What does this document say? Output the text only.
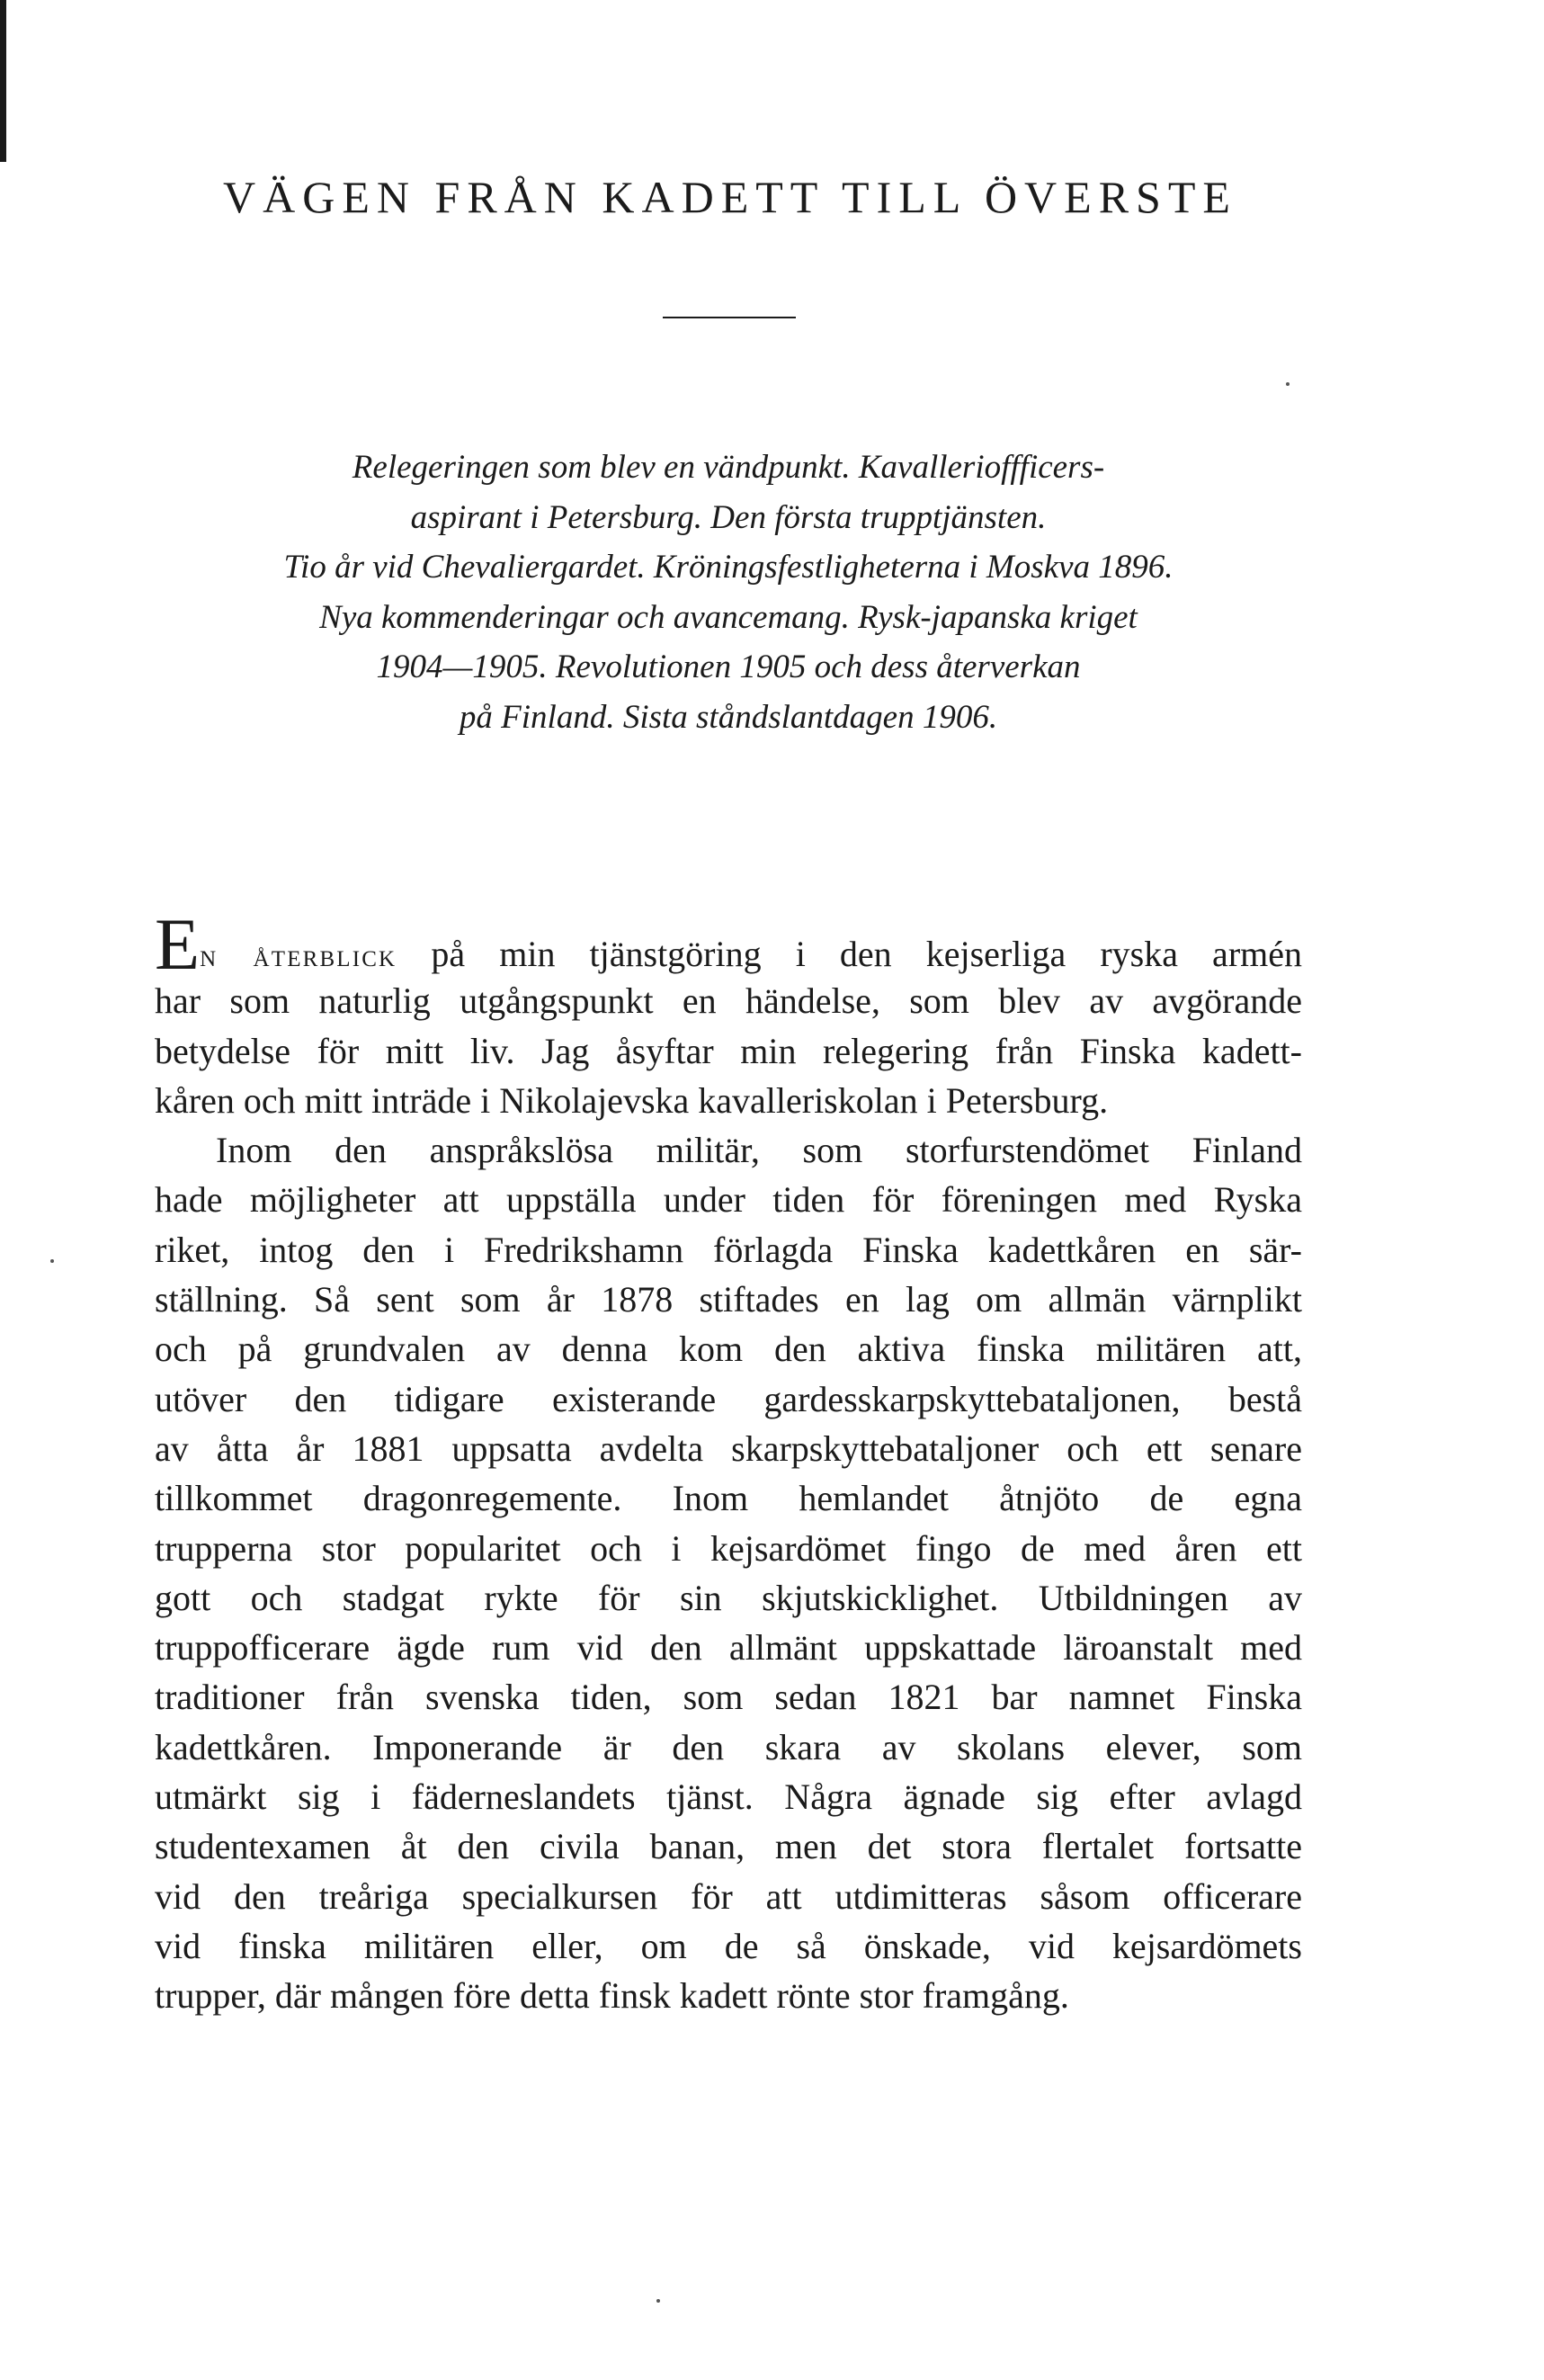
VÄGEN FRÅN KADETT TILL ÖVERSTE

Relegeringen som blev en vändpunkt. Kavallerioffficers-
aspirant i Petersburg. Den första trupptjänsten.
Tio år vid Chevaliergardet. Kröningsfestligheterna i Moskva 1896.
Nya kommenderingar och avancemang. Rysk-japanska kriget
1904—1905. Revolutionen 1905 och dess återverkan
på Finland. Sista ståndslantdagen 1906.

En återblick på min tjänstgöring i den kejserliga ryska armén
har som naturlig utgångspunkt en händelse, som blev av avgörande
betydelse för mitt liv. Jag åsyftar min relegering från Finska kadett-
kåren och mitt inträde i Nikolajevska kavalleriskolan i Petersburg.
Inom den anspråkslösa militär, som storfurstendömet Finland
hade möjligheter att uppställa under tiden för föreningen med Ryska
riket, intog den i Fredrikshamn förlagda Finska kadettkåren en sär-
ställning. Så sent som år 1878 stiftades en lag om allmän värnplikt
och på grundvalen av denna kom den aktiva finska militären att,
utöver den tidigare existerande gardesskarpskyttebataljonen, bestå
av åtta år 1881 uppsatta avdelta skarpskyttebataljoner och ett senare
tillkommet dragonregemente. Inom hemlandet åtnjöto de egna
trupperna stor popularitet och i kejsardömet fingo de med åren ett
gott och stadgat rykte för sin skjutskicklighet. Utbildningen av
truppofficerare ägde rum vid den allmänt uppskattade läroanstalt med
traditioner från svenska tiden, som sedan 1821 bar namnet Finska
kadettkåren. Imponerande är den skara av skolans elever, som
utmärkt sig i fäderneslandets tjänst. Några ägnade sig efter avlagd
studentexamen åt den civila banan, men det stora flertalet fortsatte
vid den treåriga specialkursen för att utdimitteras såsom officerare
vid finska militären eller, om de så önskade, vid kejsardömets
trupper, där mången före detta finsk kadett rönte stor framgång.
